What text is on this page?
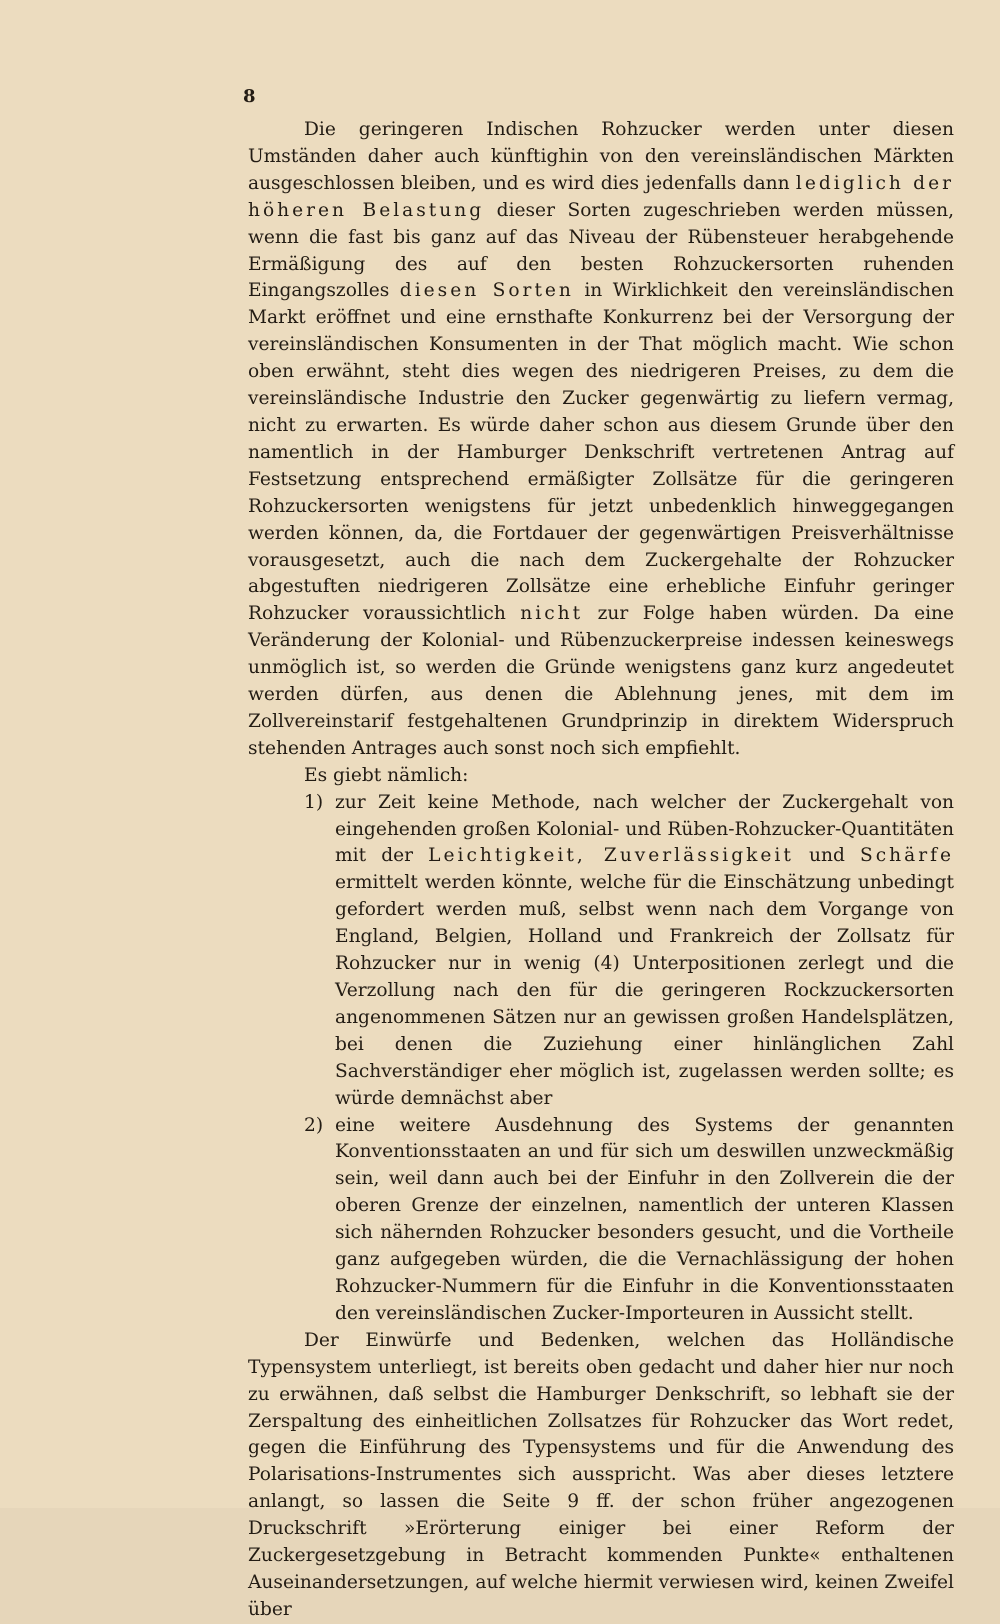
8

Die geringeren Indischen Rohzucker werden unter diesen Umständen daher auch künftighin von den vereinsländischen Märkten ausgeschlossen bleiben, und es wird dies jedenfalls dann lediglich der höheren Belastung dieser Sorten zugeschrieben werden müssen, wenn die fast bis ganz auf das Niveau der Rübensteuer herabgehende Ermäßigung des auf den besten Rohzuckersorten ruhenden Eingangszolles diesen Sorten in Wirklichkeit den vereinsländischen Markt eröffnet und eine ernsthafte Konkurrenz bei der Versorgung der vereinsländischen Konsumenten in der That möglich macht. Wie schon oben erwähnt, steht dies wegen des niedrigeren Preises, zu dem die vereinsländische Industrie den Zucker gegenwärtig zu liefern vermag, nicht zu erwarten. Es würde daher schon aus diesem Grunde über den namentlich in der Hamburger Denkschrift vertretenen Antrag auf Festsetzung entsprechend ermäßigter Zollsätze für die geringeren Rohzuckersorten wenigstens für jetzt unbedenklich hinweggegangen werden können, da, die Fortdauer der gegenwärtigen Preisverhältnisse vorausgesetzt, auch die nach dem Zuckergehalte der Rohzucker abgestuften niedrigeren Zollsätze eine erhebliche Einfuhr geringer Rohzucker voraussichtlich nicht zur Folge haben würden. Da eine Veränderung der Kolonial- und Rübenzuckerpreise indessen keineswegs unmöglich ist, so werden die Gründe wenigstens ganz kurz angedeutet werden dürfen, aus denen die Ablehnung jenes, mit dem im Zollvereinstarif festgehaltenen Grundprinzip in direktem Widerspruch stehenden Antrages auch sonst noch sich empfiehlt.

Es giebt nämlich:

1) zur Zeit keine Methode, nach welcher der Zuckergehalt von eingehenden großen Kolonial- und Rüben-Rohzucker-Quantitäten mit der Leichtigkeit, Zuverlässigkeit und Schärfe ermittelt werden könnte, welche für die Einschätzung unbedingt gefordert werden muß, selbst wenn nach dem Vorgange von England, Belgien, Holland und Frankreich der Zollsatz für Rohzucker nur in wenig (4) Unterpositionen zerlegt und die Verzollung nach den für die geringeren Rockzuckersorten angenommenen Sätzen nur an gewissen großen Handelsplätzen, bei denen die Zuziehung einer hinlänglichen Zahl Sachverständiger eher möglich ist, zugelassen werden sollte; es würde demnächst aber

2) eine weitere Ausdehnung des Systems der genannten Konventionsstaaten an und für sich um deswillen unzweckmäßig sein, weil dann auch bei der Einfuhr in den Zollverein die der oberen Grenze der einzelnen, namentlich der unteren Klassen sich nähernden Rohzucker besonders gesucht, und die Vortheile ganz aufgegeben würden, die die Vernachlässigung der hohen Rohzucker-Nummern für die Einfuhr in die Konventionsstaaten den vereinsländischen Zucker-Importeuren in Aussicht stellt.

Der Einwürfe und Bedenken, welchen das Holländische Typensystem unterliegt, ist bereits oben gedacht und daher hier nur noch zu erwähnen, daß selbst die Hamburger Denkschrift, so lebhaft sie der Zerspaltung des einheitlichen Zollsatzes für Rohzucker das Wort redet, gegen die Einführung des Typensystems und für die Anwendung des Polarisations-Instrumentes sich ausspricht. Was aber dieses letztere anlangt, so lassen die Seite 9 ff. der schon früher angezogenen Druckschrift »Erörterung einiger bei einer Reform der Zuckergesetzgebung in Betracht kommenden Punkte« enthaltenen Auseinandersetzungen, auf welche hiermit verwiesen wird, keinen Zweifel über
